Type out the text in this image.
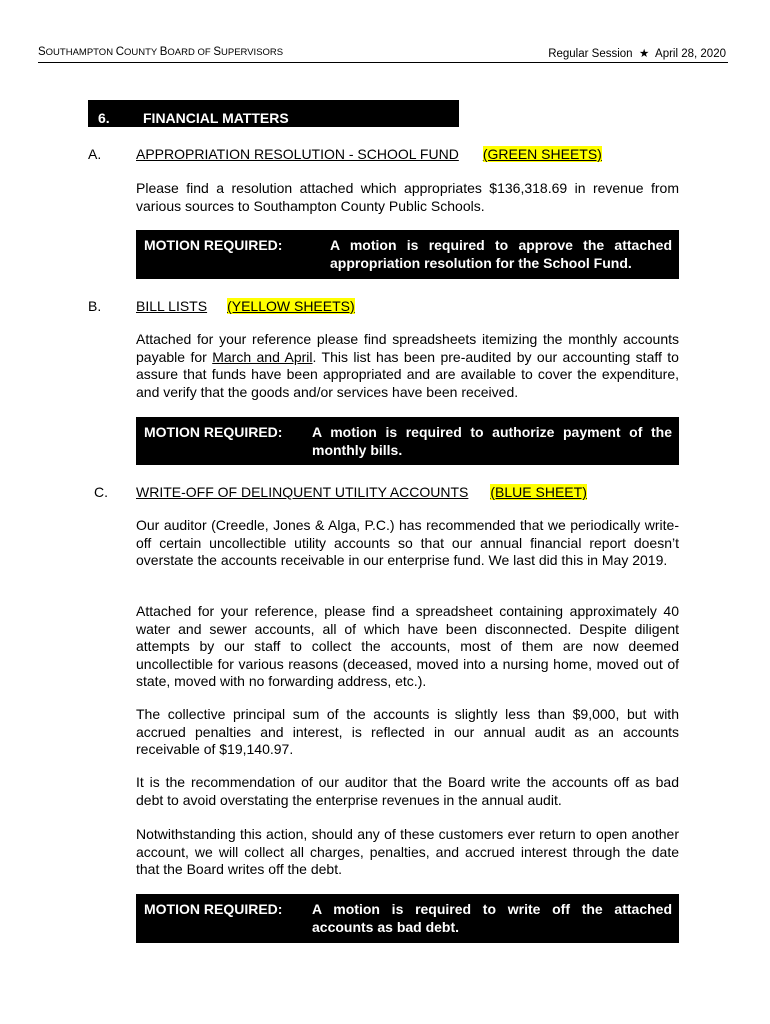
SOUTHAMPTON COUNTY BOARD OF SUPERVISORS	Regular Session  ★  April 28, 2020
6. FINANCIAL MATTERS
A. APPROPRIATION RESOLUTION - SCHOOL FUND (GREEN SHEETS)

Please find a resolution attached which appropriates $136,318.69 in revenue from various sources to Southampton County Public Schools.

MOTION REQUIRED:	A motion is required to approve the attached appropriation resolution for the School Fund.
B. BILL LISTS (YELLOW SHEETS)

Attached for your reference please find spreadsheets itemizing the monthly accounts payable for March and April. This list has been pre-audited by our accounting staff to assure that funds have been appropriated and are available to cover the expenditure, and verify that the goods and/or services have been received.

MOTION REQUIRED: A motion is required to authorize payment of the monthly bills.
C. WRITE-OFF OF DELINQUENT UTILITY ACCOUNTS (BLUE SHEET)

Our auditor (Creedle, Jones & Alga, P.C.) has recommended that we periodically write-off certain uncollectible utility accounts so that our annual financial report doesn’t overstate the accounts receivable in our enterprise fund. We last did this in May 2019.

Attached for your reference, please find a spreadsheet containing approximately 40 water and sewer accounts, all of which have been disconnected. Despite diligent attempts by our staff to collect the accounts, most of them are now deemed uncollectible for various reasons (deceased, moved into a nursing home, moved out of state, moved with no forwarding address, etc.).

The collective principal sum of the accounts is slightly less than $9,000, but with accrued penalties and interest, is reflected in our annual audit as an accounts receivable of $19,140.97.

It is the recommendation of our auditor that the Board write the accounts off as bad debt to avoid overstating the enterprise revenues in the annual audit.

Notwithstanding this action, should any of these customers ever return to open another account, we will collect all charges, penalties, and accrued interest through the date that the Board writes off the debt.

MOTION REQUIRED: A motion is required to write off the attached accounts as bad debt.
